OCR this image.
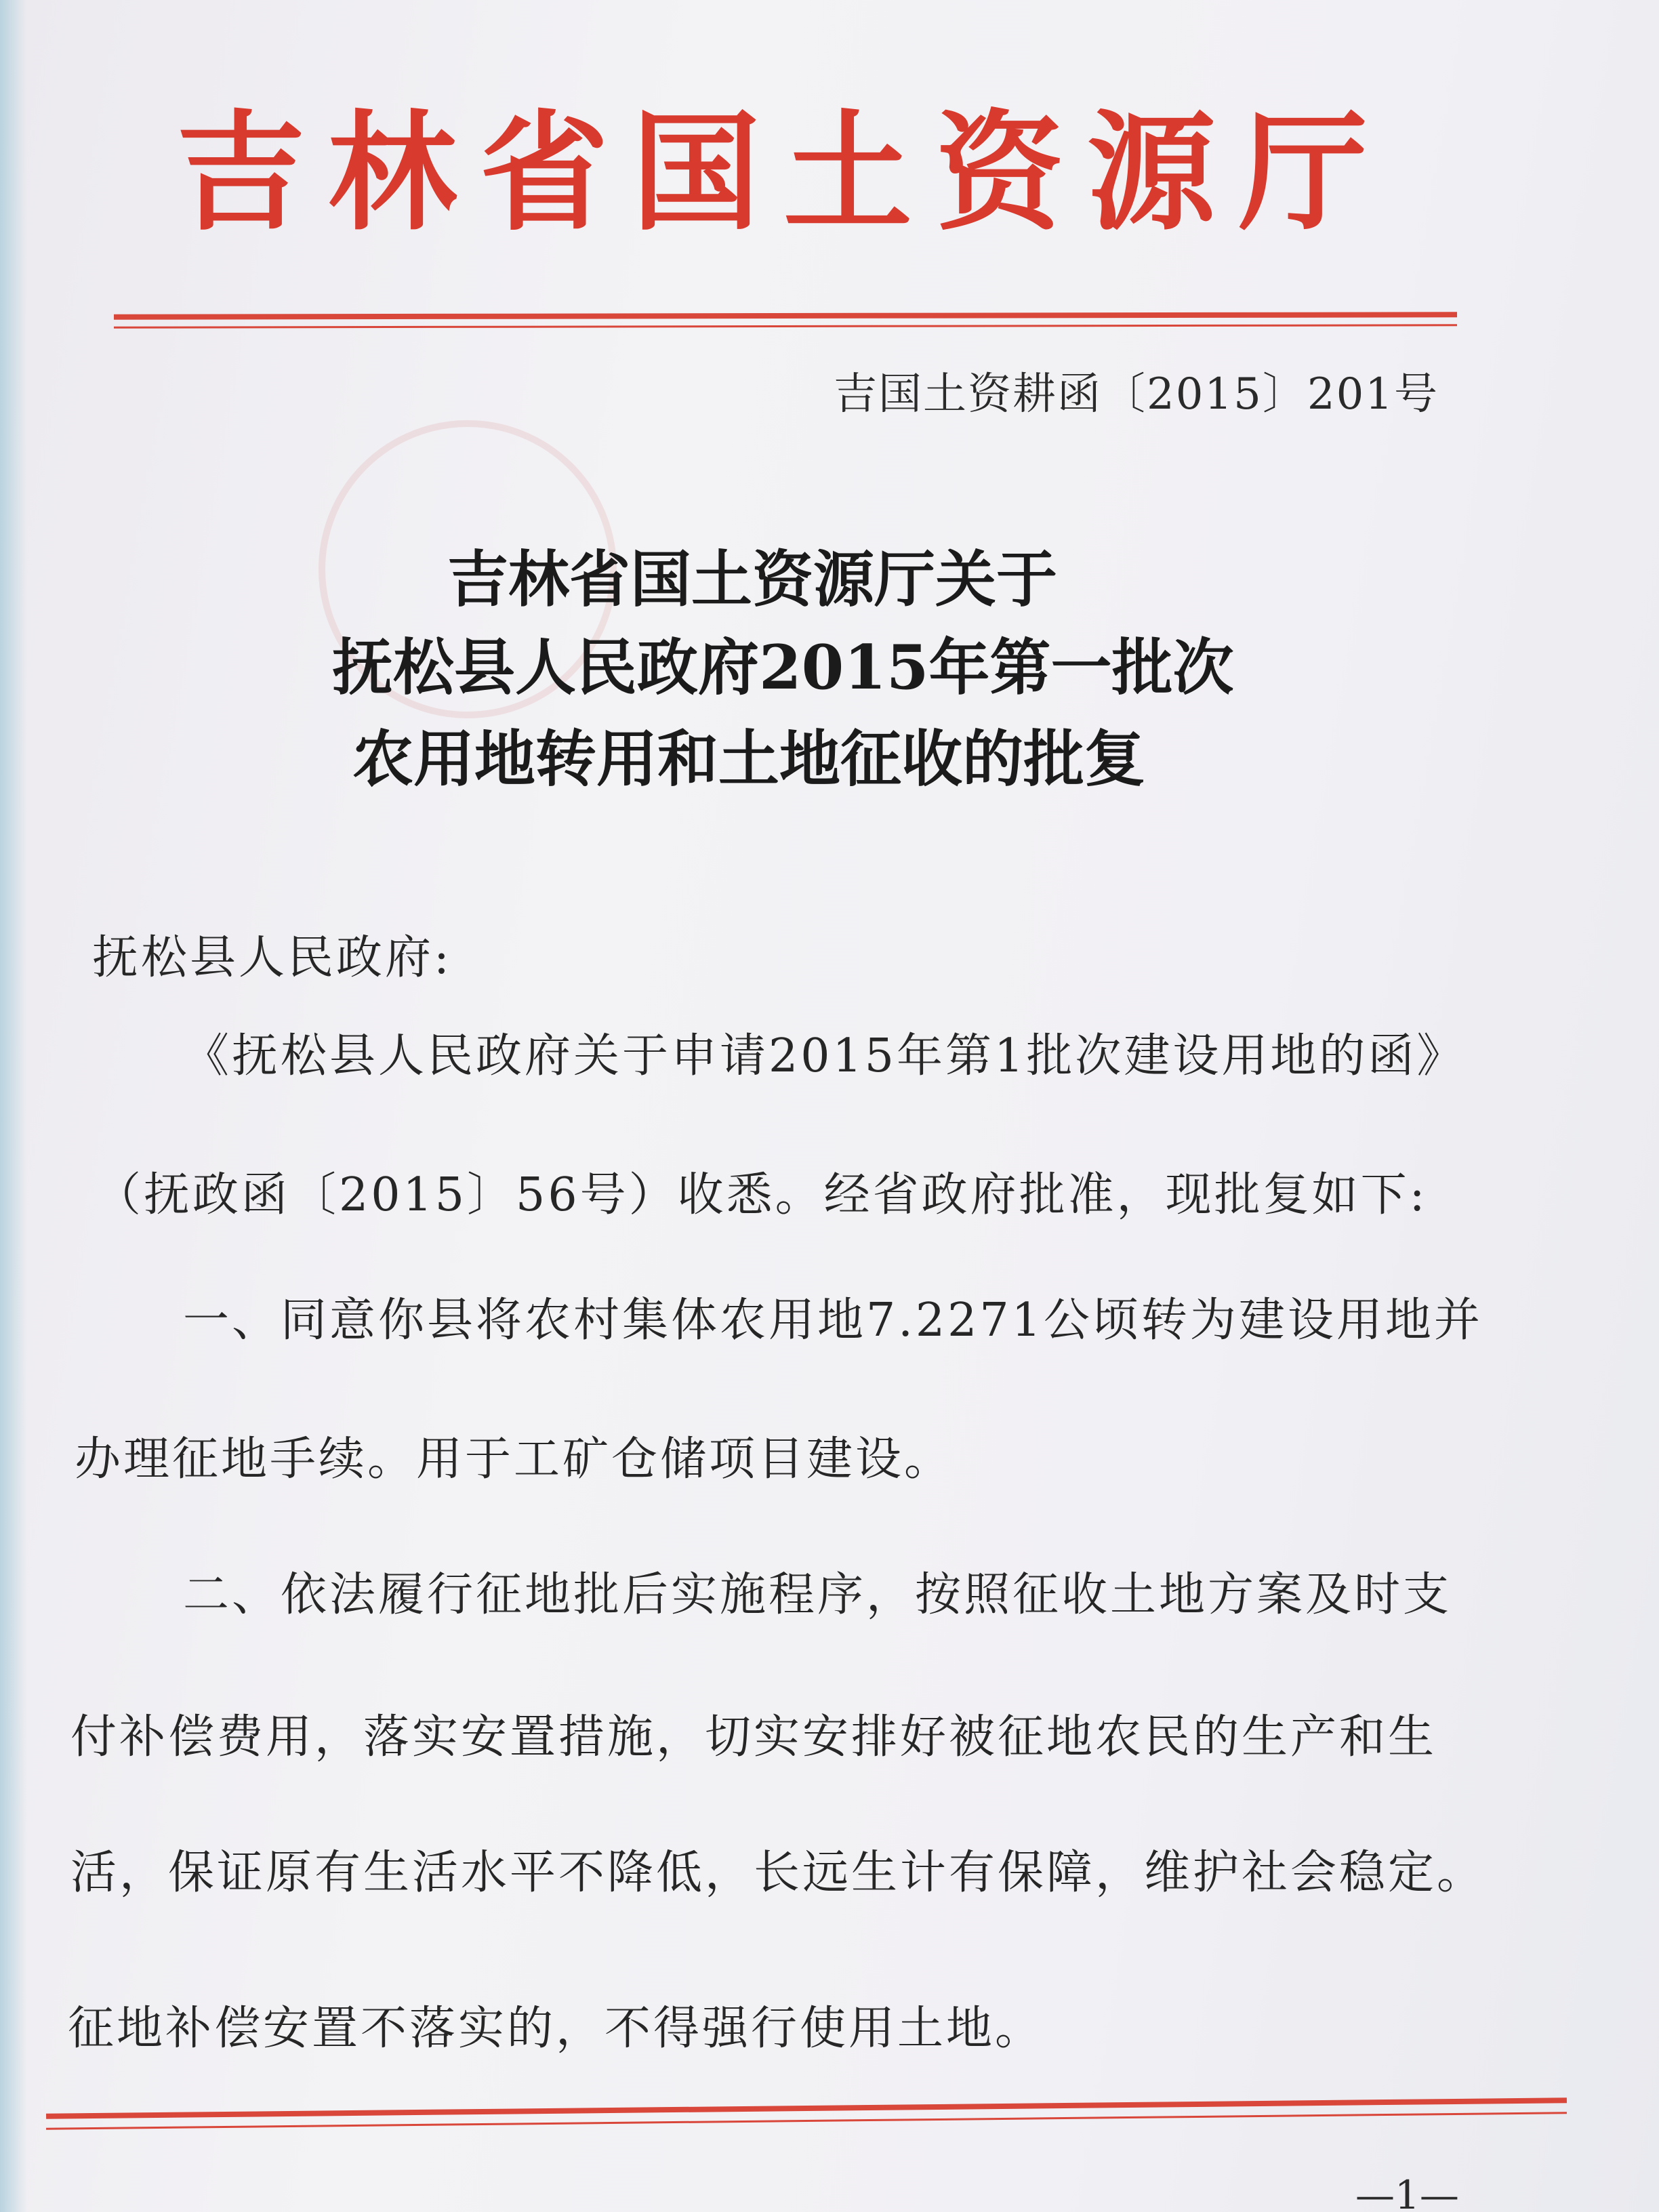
吉林省国土资源厅
吉国土资耕函〔2015〕201号
吉林省国土资源厅关于
抚松县人民政府2015年第一批次
农用地转用和土地征收的批复
抚松县人民政府:
《抚松县人民政府关于申请2015年第1批次建设用地的函》
（抚政函〔2015〕56号）收悉。经省政府批准，现批复如下:
一、同意你县将农村集体农用地7.2271公顷转为建设用地并
办理征地手续。用于工矿仓储项目建设。
二、依法履行征地批后实施程序，按照征收土地方案及时支
付补偿费用，落实安置措施，切实安排好被征地农民的生产和生
活，保证原有生活水平不降低，长远生计有保障，维护社会稳定。
征地补偿安置不落实的，不得强行使用土地。
—1—
